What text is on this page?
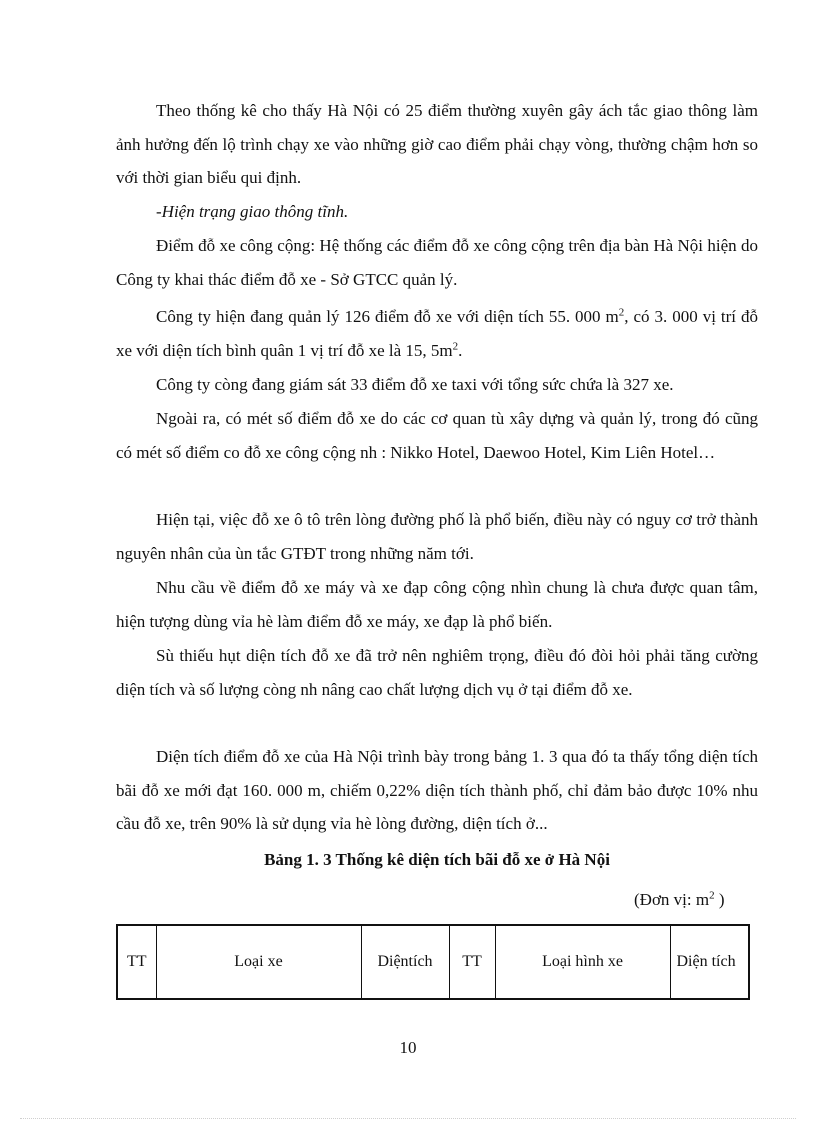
Theo thống kê cho thấy Hà Nội có 25 điểm thường xuyên gây ách tắc giao thông làm ảnh hưởng đến lộ trình chạy xe vào những giờ cao điểm phải chạy vòng, thường chậm hơn so với thời gian biểu qui định.

-Hiện trạng giao thông tĩnh.

Điểm đỗ xe công cộng: Hệ thống các điểm đỗ xe công cộng trên địa bàn Hà Nội hiện do Công ty khai thác điểm đỗ xe - Sở GTCC quản lý.

Công ty hiện đang quản lý 126 điểm đỗ xe với diện tích 55. 000 $m^2$, có 3. 000 vị trí đỗ xe với diện tích bình quân 1 vị trí đỗ xe là 15, $5m^2$.

Công ty còng đang giám sát 33 điểm đỗ xe taxi với tổng sức chứa là 327 xe.

Ngoài ra, có mét số điểm đỗ xe do các cơ quan tù xây dựng và quản lý, trong đó cũng có mét số điểm co đỗ xe công cộng nh : Nikko Hotel, Daewoo Hotel, Kim Liên Hotel…

Hiện tại, việc đỗ xe ô tô trên lòng đường phố là phổ biến, điều này có nguy cơ trở thành nguyên nhân của ùn tắc GTĐT trong những năm tới.

Nhu cầu về điểm đỗ xe máy và xe đạp công cộng nhìn chung là chưa được quan tâm, hiện tượng dùng vỉa hè làm điểm đỗ xe máy, xe đạp là phổ biến.

Sù thiếu hụt diện tích đỗ xe đã trở nên nghiêm trọng, điều đó đòi hỏi phải tăng cường diện tích và số lượng còng nh nâng cao chất lượng dịch vụ ở tại điểm đỗ xe.

Diện tích điểm đỗ xe của Hà Nội trình bày trong bảng 1. 3 qua đó ta thấy tổng diện tích bãi đỗ xe mới đạt 160. 000 m, chiếm 0,22% diện tích thành phố, chỉ đảm bảo được 10% nhu cầu đỗ xe, trên 90% là sử dụng vỉa hè lòng đường, diện tích ở...

Bảng 1. 3 Thống kê diện tích bãi đỗ xe ở Hà Nội

(Đơn vị: $m^2$ )

TT	Loại xe	Diệntích	TT	Loại hình xe	Diện tích

10
